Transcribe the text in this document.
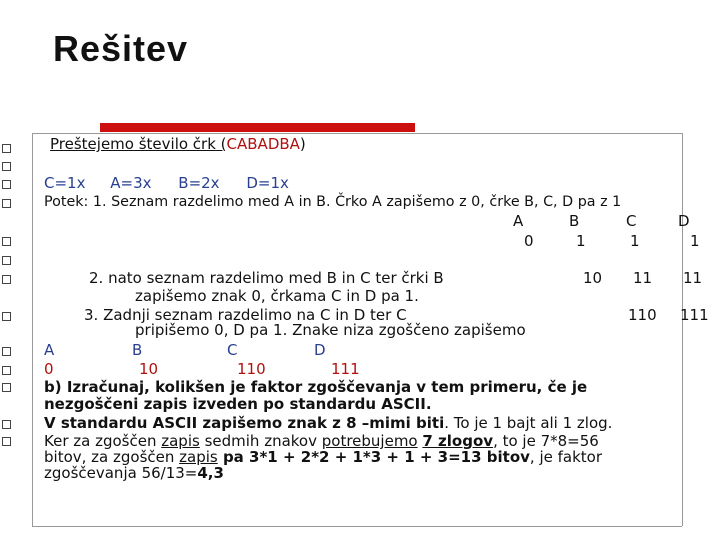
Rešitev
Preštejemo število črk (CABADBA)
C=1x A=3x B=2x D=1x
Potek: 1. Seznam razdelimo med A in B. Črko A zapišemo z 0, črke B, C, D pa z 1
A	B	C	D
0	1	1	1
2. nato seznam razdelimo med B in C ter črki B	10 11 11
zapišemo znak 0, črkama C in D pa 1.
3. Zadnji seznam razdelimo na C in D ter C	110 111
pripišemo 0, D pa 1. Znake niza zgoščeno zapišemo
A	B	C	D
0	10	110	111
b) Izračunaj, kolikšen je faktor zgoščevanja v tem primeru, če je
nezgoščeni zapis izveden po standardu ASCII.
V standardu ASCII zapišemo znak z 8 –mimi biti. To je 1 bajt ali 1 zlog.
Ker za zgoščen zapis sedmih znakov potrebujemo 7 zlogov, to je 7*8=56
bitov, za zgoščen zapis pa 3*1 + 2*2 + 1*3 + 1 + 3=13 bitov, je faktor
zgoščevanja 56/13=4,3
